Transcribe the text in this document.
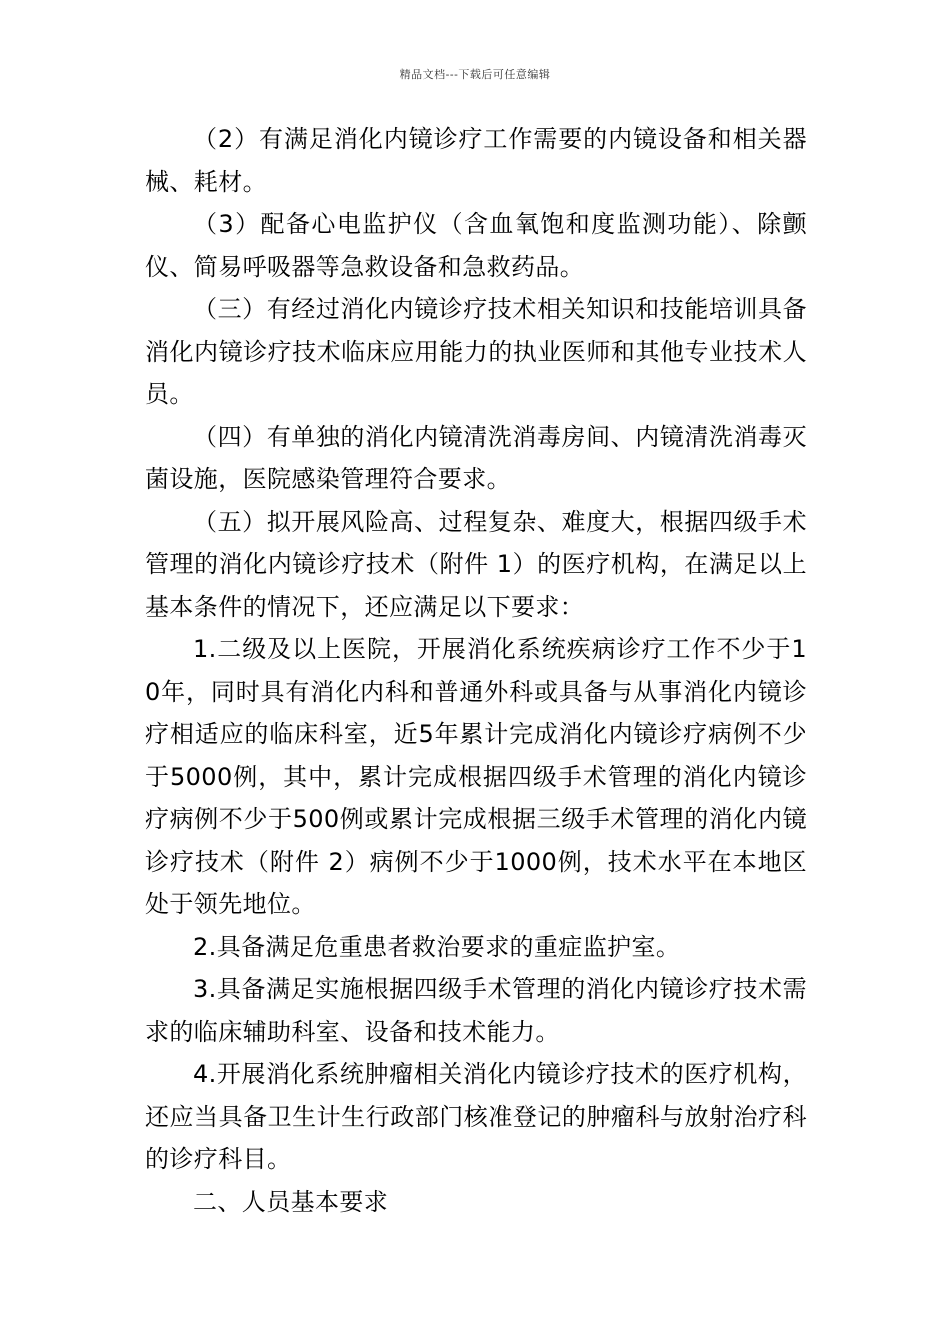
精品文档---下载后可任意编辑

（2）有满足消化内镜诊疗工作需要的内镜设备和相关器械、耗材。

（3）配备心电监护仪（含血氧饱和度监测功能）、除颤仪、简易呼吸器等急救设备和急救药品。

（三）有经过消化内镜诊疗技术相关知识和技能培训具备消化内镜诊疗技术临床应用能力的执业医师和其他专业技术人员。

（四）有单独的消化内镜清洗消毒房间、内镜清洗消毒灭菌设施，医院感染管理符合要求。

（五）拟开展风险高、过程复杂、难度大，根据四级手术管理的消化内镜诊疗技术（附件 1）的医疗机构，在满足以上基本条件的情况下，还应满足以下要求：

1.二级及以上医院，开展消化系统疾病诊疗工作不少于10年，同时具有消化内科和普通外科或具备与从事消化内镜诊疗相适应的临床科室，近5年累计完成消化内镜诊疗病例不少于5000例，其中，累计完成根据四级手术管理的消化内镜诊疗病例不少于500例或累计完成根据三级手术管理的消化内镜诊疗技术（附件 2）病例不少于1000例，技术水平在本地区处于领先地位。

2.具备满足危重患者救治要求的重症监护室。

3.具备满足实施根据四级手术管理的消化内镜诊疗技术需求的临床辅助科室、设备和技术能力。

4.开展消化系统肿瘤相关消化内镜诊疗技术的医疗机构，还应当具备卫生计生行政部门核准登记的肿瘤科与放射治疗科的诊疗科目。

二、人员基本要求
